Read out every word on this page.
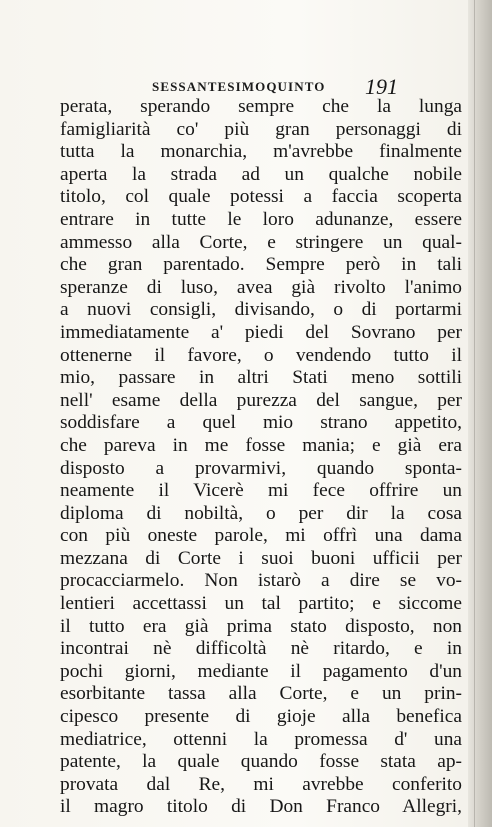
SESSANTESIMOQUINTO 191
perata, sperando sempre che la lunga
famigliarità co' più gran personaggi di
tutta la monarchia, m'avrebbe finalmente
aperta la strada ad un qualche nobile
titolo, col quale potessi a faccia scoperta
entrare in tutte le loro adunanze, essere
ammesso alla Corte, e stringere un qual-
che gran parentado. Sempre però in tali
speranze di luso, avea già rivolto l'animo
a nuovi consigli, divisando, o di portarmi
immediatamente a' piedi del Sovrano per
ottenerne il favore, o vendendo tutto il
mio, passare in altri Stati meno sottili
nell' esame della purezza del sangue, per
soddisfare a quel mio strano appetito,
che pareva in me fosse mania; e già era
disposto a provarmivi, quando sponta-
neamente il Vicerè mi fece offrire un
diploma di nobiltà, o per dir la cosa
con più oneste parole, mi offrì una dama
mezzana di Corte i suoi buoni ufficii per
procacciarmelo. Non istarò a dire se vo-
lentieri accettassi un tal partito; e siccome
il tutto era già prima stato disposto, non
incontrai nè difficoltà nè ritardo, e in
pochi giorni, mediante il pagamento d'un
esorbitante tassa alla Corte, e un prin-
cipesco presente di gioje alla benefica
mediatrice, ottenni la promessa d' una
patente, la quale quando fosse stata ap-
provata dal Re, mi avrebbe conferito
il magro titolo di Don Franco Allegri,
